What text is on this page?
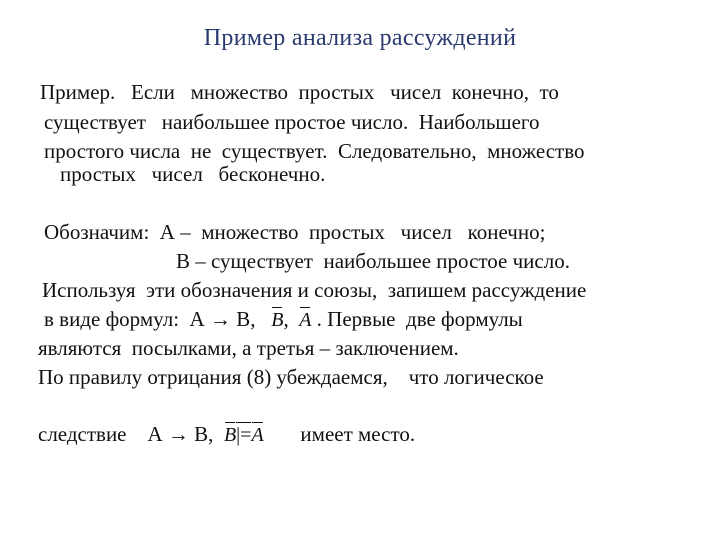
Пример анализа рассуждений
Пример.   Если   множество  простых   чисел  конечно,  то
существует   наибольшее простое число.  Наибольшего
простого числа  не  существует.  Следовательно,  множество
простых   чисел   бесконечно.
Обозначим:  А –  множество  простых   чисел   конечно;
В – существует  наибольшее простое число.
Используя  эти обозначения и союзы,  запишем рассуждение
в виде формул:  А → В, B, A . Первые  две формулы
являются  посылками, а третья – заключением.
По правилу отрицания (8) убеждаемся,    что логическое
следствие    А → В, B
|=
A имеет место.
